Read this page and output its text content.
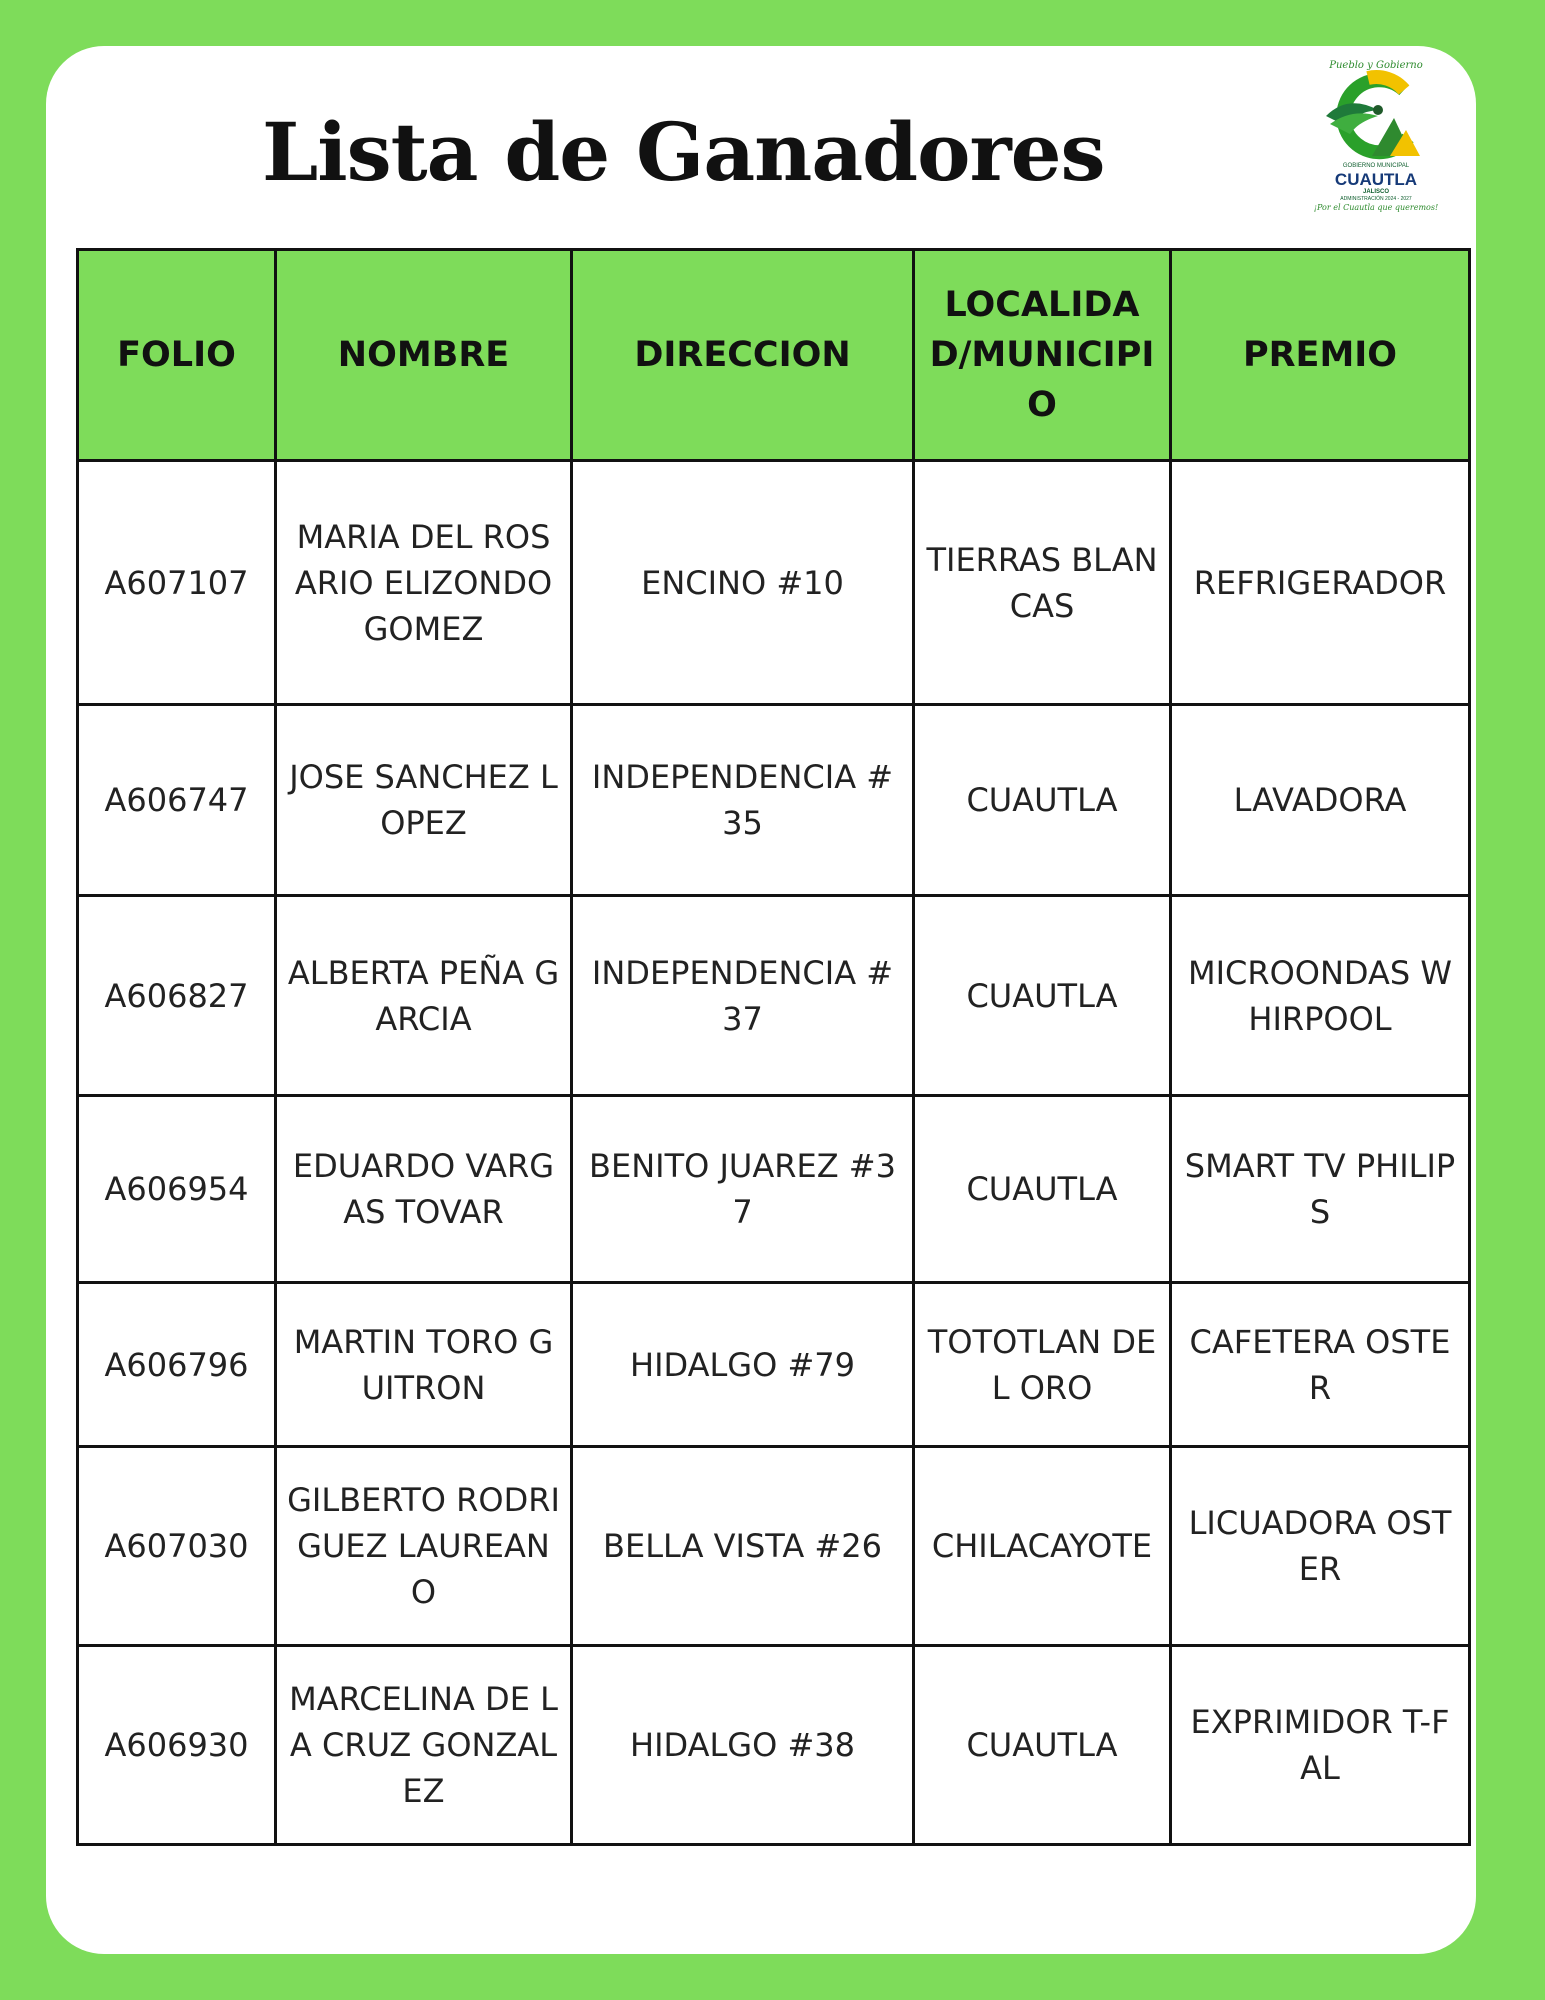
Lista de Ganadores
Pueblo y Gobierno
GOBIERNO MUNICIPAL
CUAUTLA
JALISCO
ADMINISTRACIÓN 2024 - 2027
¡Por el Cuautla que queremos!
FOLIO	NOMBRE	DIRECCION	LOCALIDAD/MUNICIPIO	PREMIO
A607107	MARIA DEL ROSARIO ELIZONDO GOMEZ	ENCINO #10	TIERRAS BLANCAS	REFRIGERADOR
A606747	JOSE SANCHEZ LOPEZ	INDEPENDENCIA #35	CUAUTLA	LAVADORA
A606827	ALBERTA PEÑA GARCIA	INDEPENDENCIA #37	CUAUTLA	MICROONDAS WHIRPOOL
A606954	EDUARDO VARGAS TOVAR	BENITO JUAREZ #37	CUAUTLA	SMART TV PHILIPS
A606796	MARTIN TORO GUITRON	HIDALGO #79	TOTOTLAN DEL ORO	CAFETERA OSTER
A607030	GILBERTO RODRIGUEZ LAUREANO	BELLA VISTA #26	CHILACAYOTE	LICUADORA OSTER
A606930	MARCELINA DE LA CRUZ GONZALEZ	HIDALGO #38	CUAUTLA	EXPRIMIDOR T-FAL
